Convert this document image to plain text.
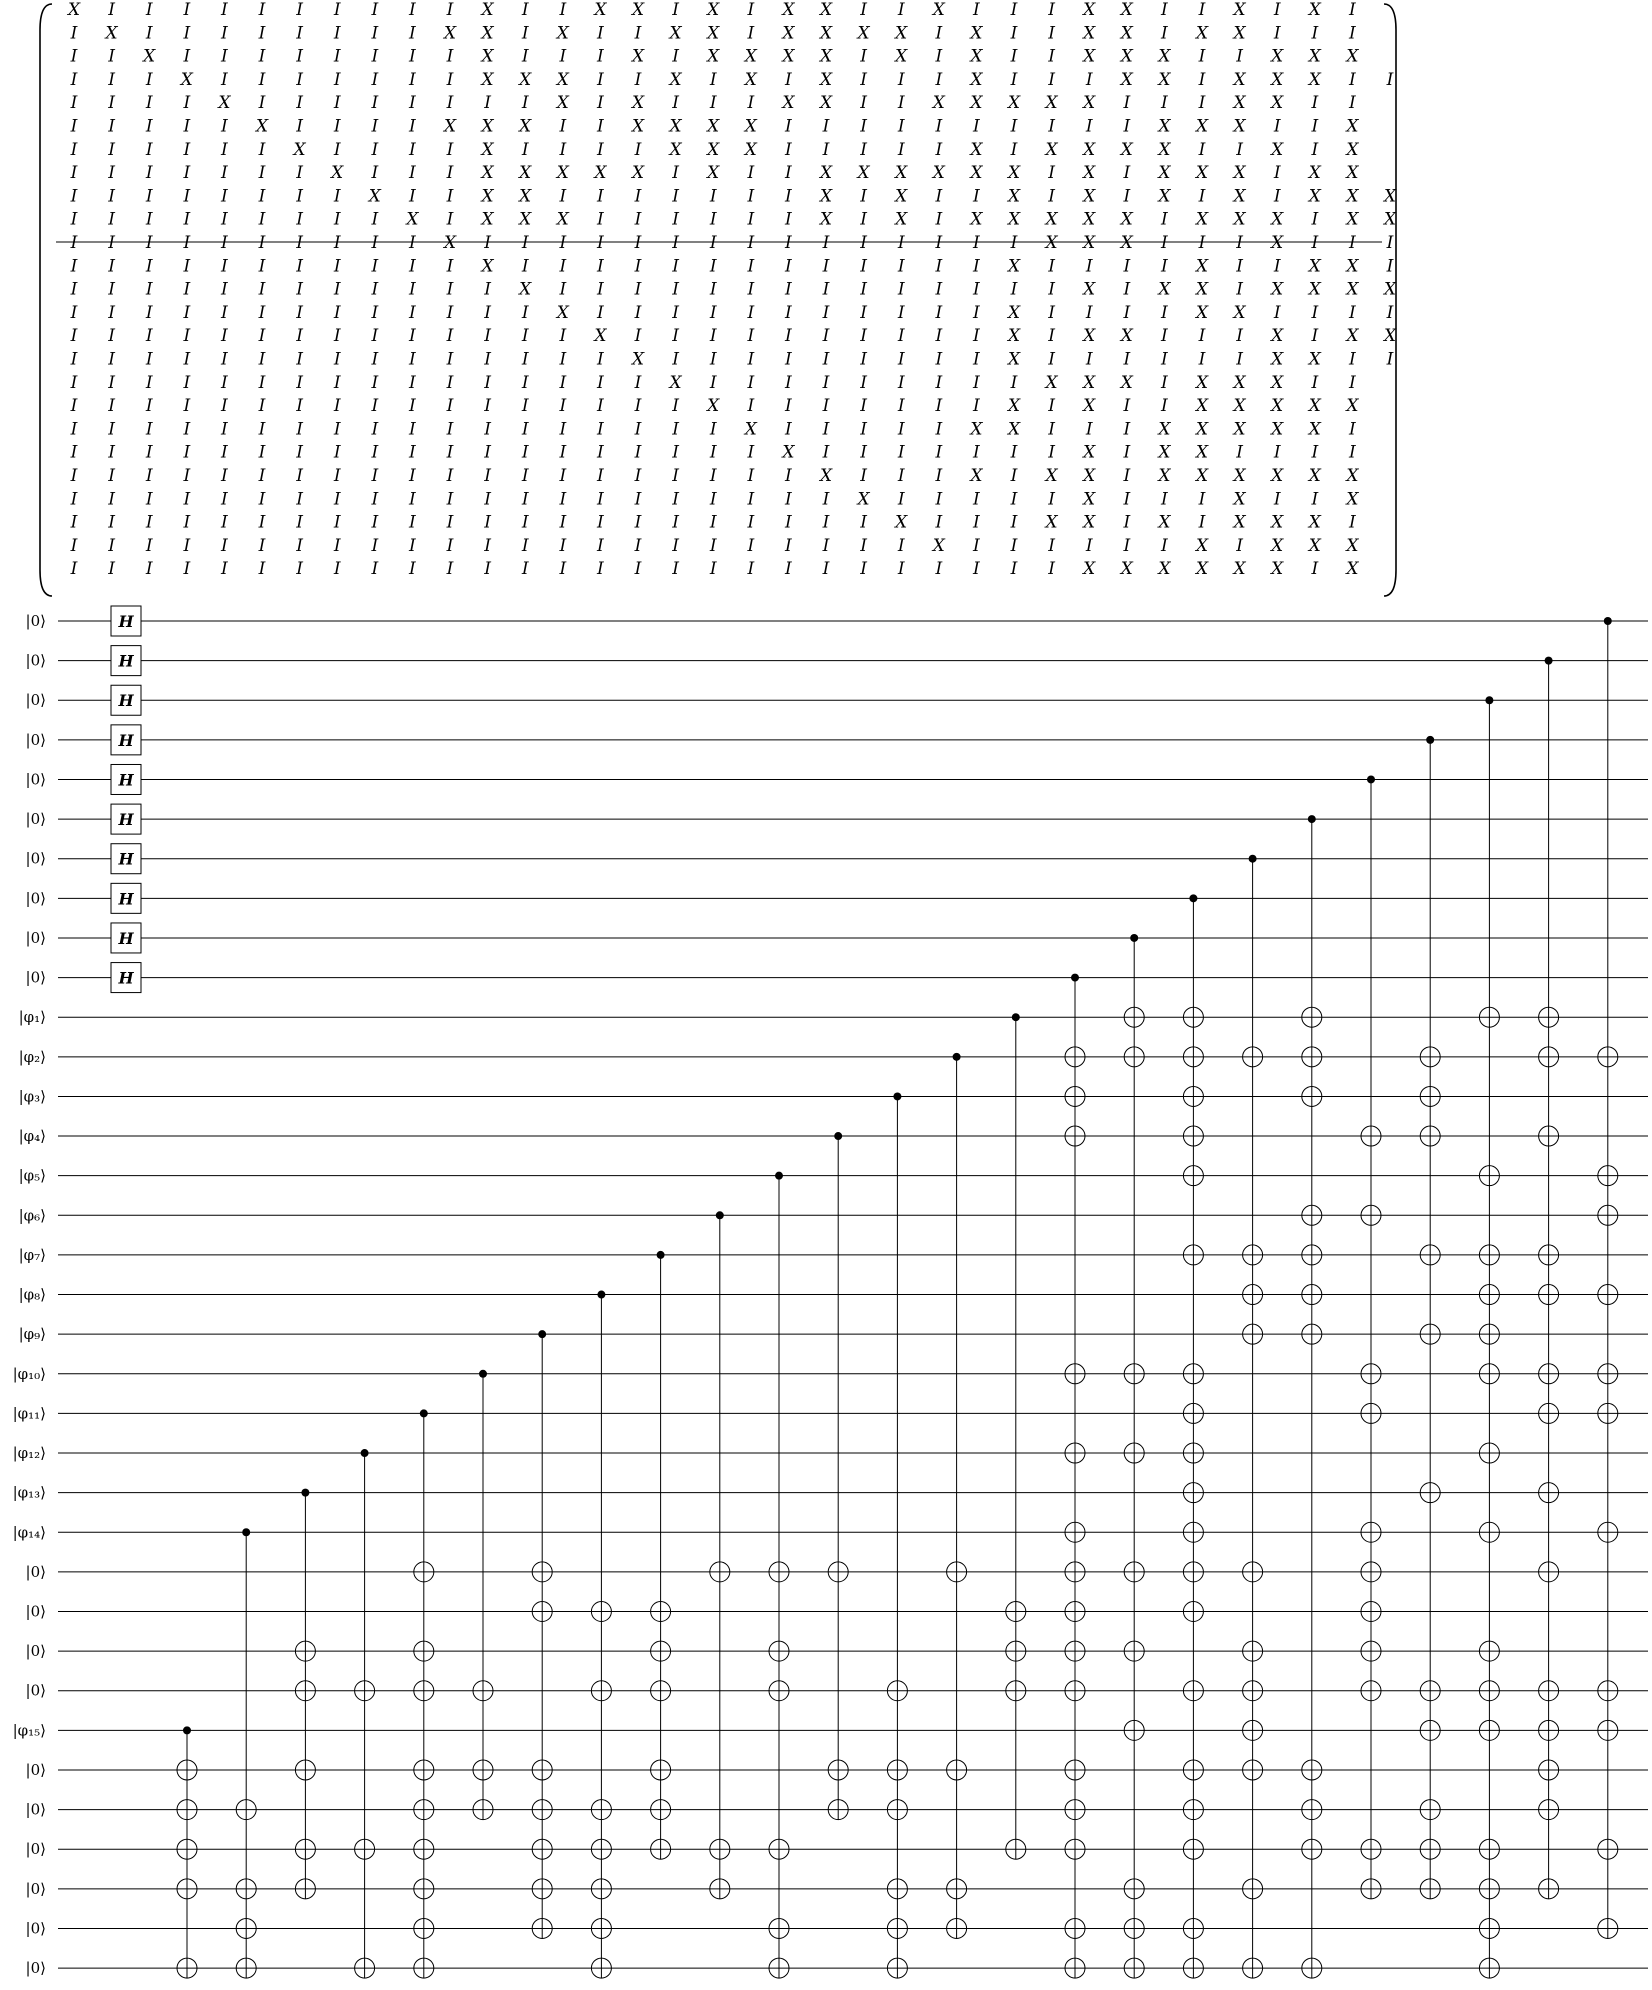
X I I I I I I I I I I X I I X X I X I X X I I X I I I X X I I X I X I
I X I I I I I I I I X X I X I I X X I X X X X I X I I X X I X X I I I
I I X I I I I I I I I X I I I X I X X X X I X I X I I X X X I I X X X
I I I X I I I I I I I X X X I I X I X I X I I I X I I I X X I X X X I I
I I I I X I I I I I I I I X I X I I I X X I I X X X X X I I I X X I I
I I I I I X I I I I X X X I I X X X X I I I I I I I I I I X X X I I X
I I I I I I X I I I I X I I I I X X X I I I I I X I X X X X I I X I X
I I I I I I I X I I I X X X X X I X I I X X X X X X I X I X X X I X X
I I I I I I I I X I I X X I I I I I I I X I X I I X I X I X I X I X X X
I I I I I I I I I X I X X X I I I I I I X I X I X X X X X I X X X I X X
I I I I I I I I I I X I I I I I I I I I I I I I I I X X X I I I X I I I
I I I I I I I I I I I X I I I I I I I I I I I I I X I I I I X I I X X I
I I I I I I I I I I I I X I I I I I I I I I I I I I I X I X X I X X X X
I I I I I I I I I I I I I X I I I I I I I I I I I X I I I I X X I I I I
I I I I I I I I I I I I I I X I I I I I I I I I I X I X X I I I X I X X
I I I I I I I I I I I I I I I X I I I I I I I I I X I I I I I I X X I I
I I I I I I I I I I I I I I I I X I I I I I I I I I X X X I X X X I I
I I I I I I I I I I I I I I I I I X I I I I I I I X I X I I X X X X X
I I I I I I I I I I I I I I I I I I X I I I I I X X I I I X X X X X I
I I I I I I I I I I I I I I I I I I I X I I I I I I I X I X X I I I I
I I I I I I I I I I I I I I I I I I I I X I I I X I X X I X X X X X X
I I I I I I I I I I I I I I I I I I I I I X I I I I I X I I I X I I X
I I I I I I I I I I I I I I I I I I I I I I X I I I X X I X I X X X I
I I I I I I I I I I I I I I I I I I I I I I I X I I I I I I X I X X X
I I I I I I I I I I I I I I I I I I I I I I I I I I I X X X X X X I X
H
H
H
H
H
H
H
H
H
H
|0⟩
|0⟩
|0⟩
|0⟩
|0⟩
|0⟩
|0⟩
|0⟩
|0⟩
|0⟩
|φ₁⟩
|φ₂⟩
|φ₃⟩
|φ₄⟩
|φ₅⟩
|φ₆⟩
|φ₇⟩
|φ₈⟩
|φ₉⟩
|φ₁₀⟩
|φ₁₁⟩
|φ₁₂⟩
|φ₁₃⟩
|φ₁₄⟩
|0⟩
|0⟩
|0⟩
|0⟩
|φ₁₅⟩
|0⟩
|0⟩
|0⟩
|0⟩
|0⟩
|0⟩
